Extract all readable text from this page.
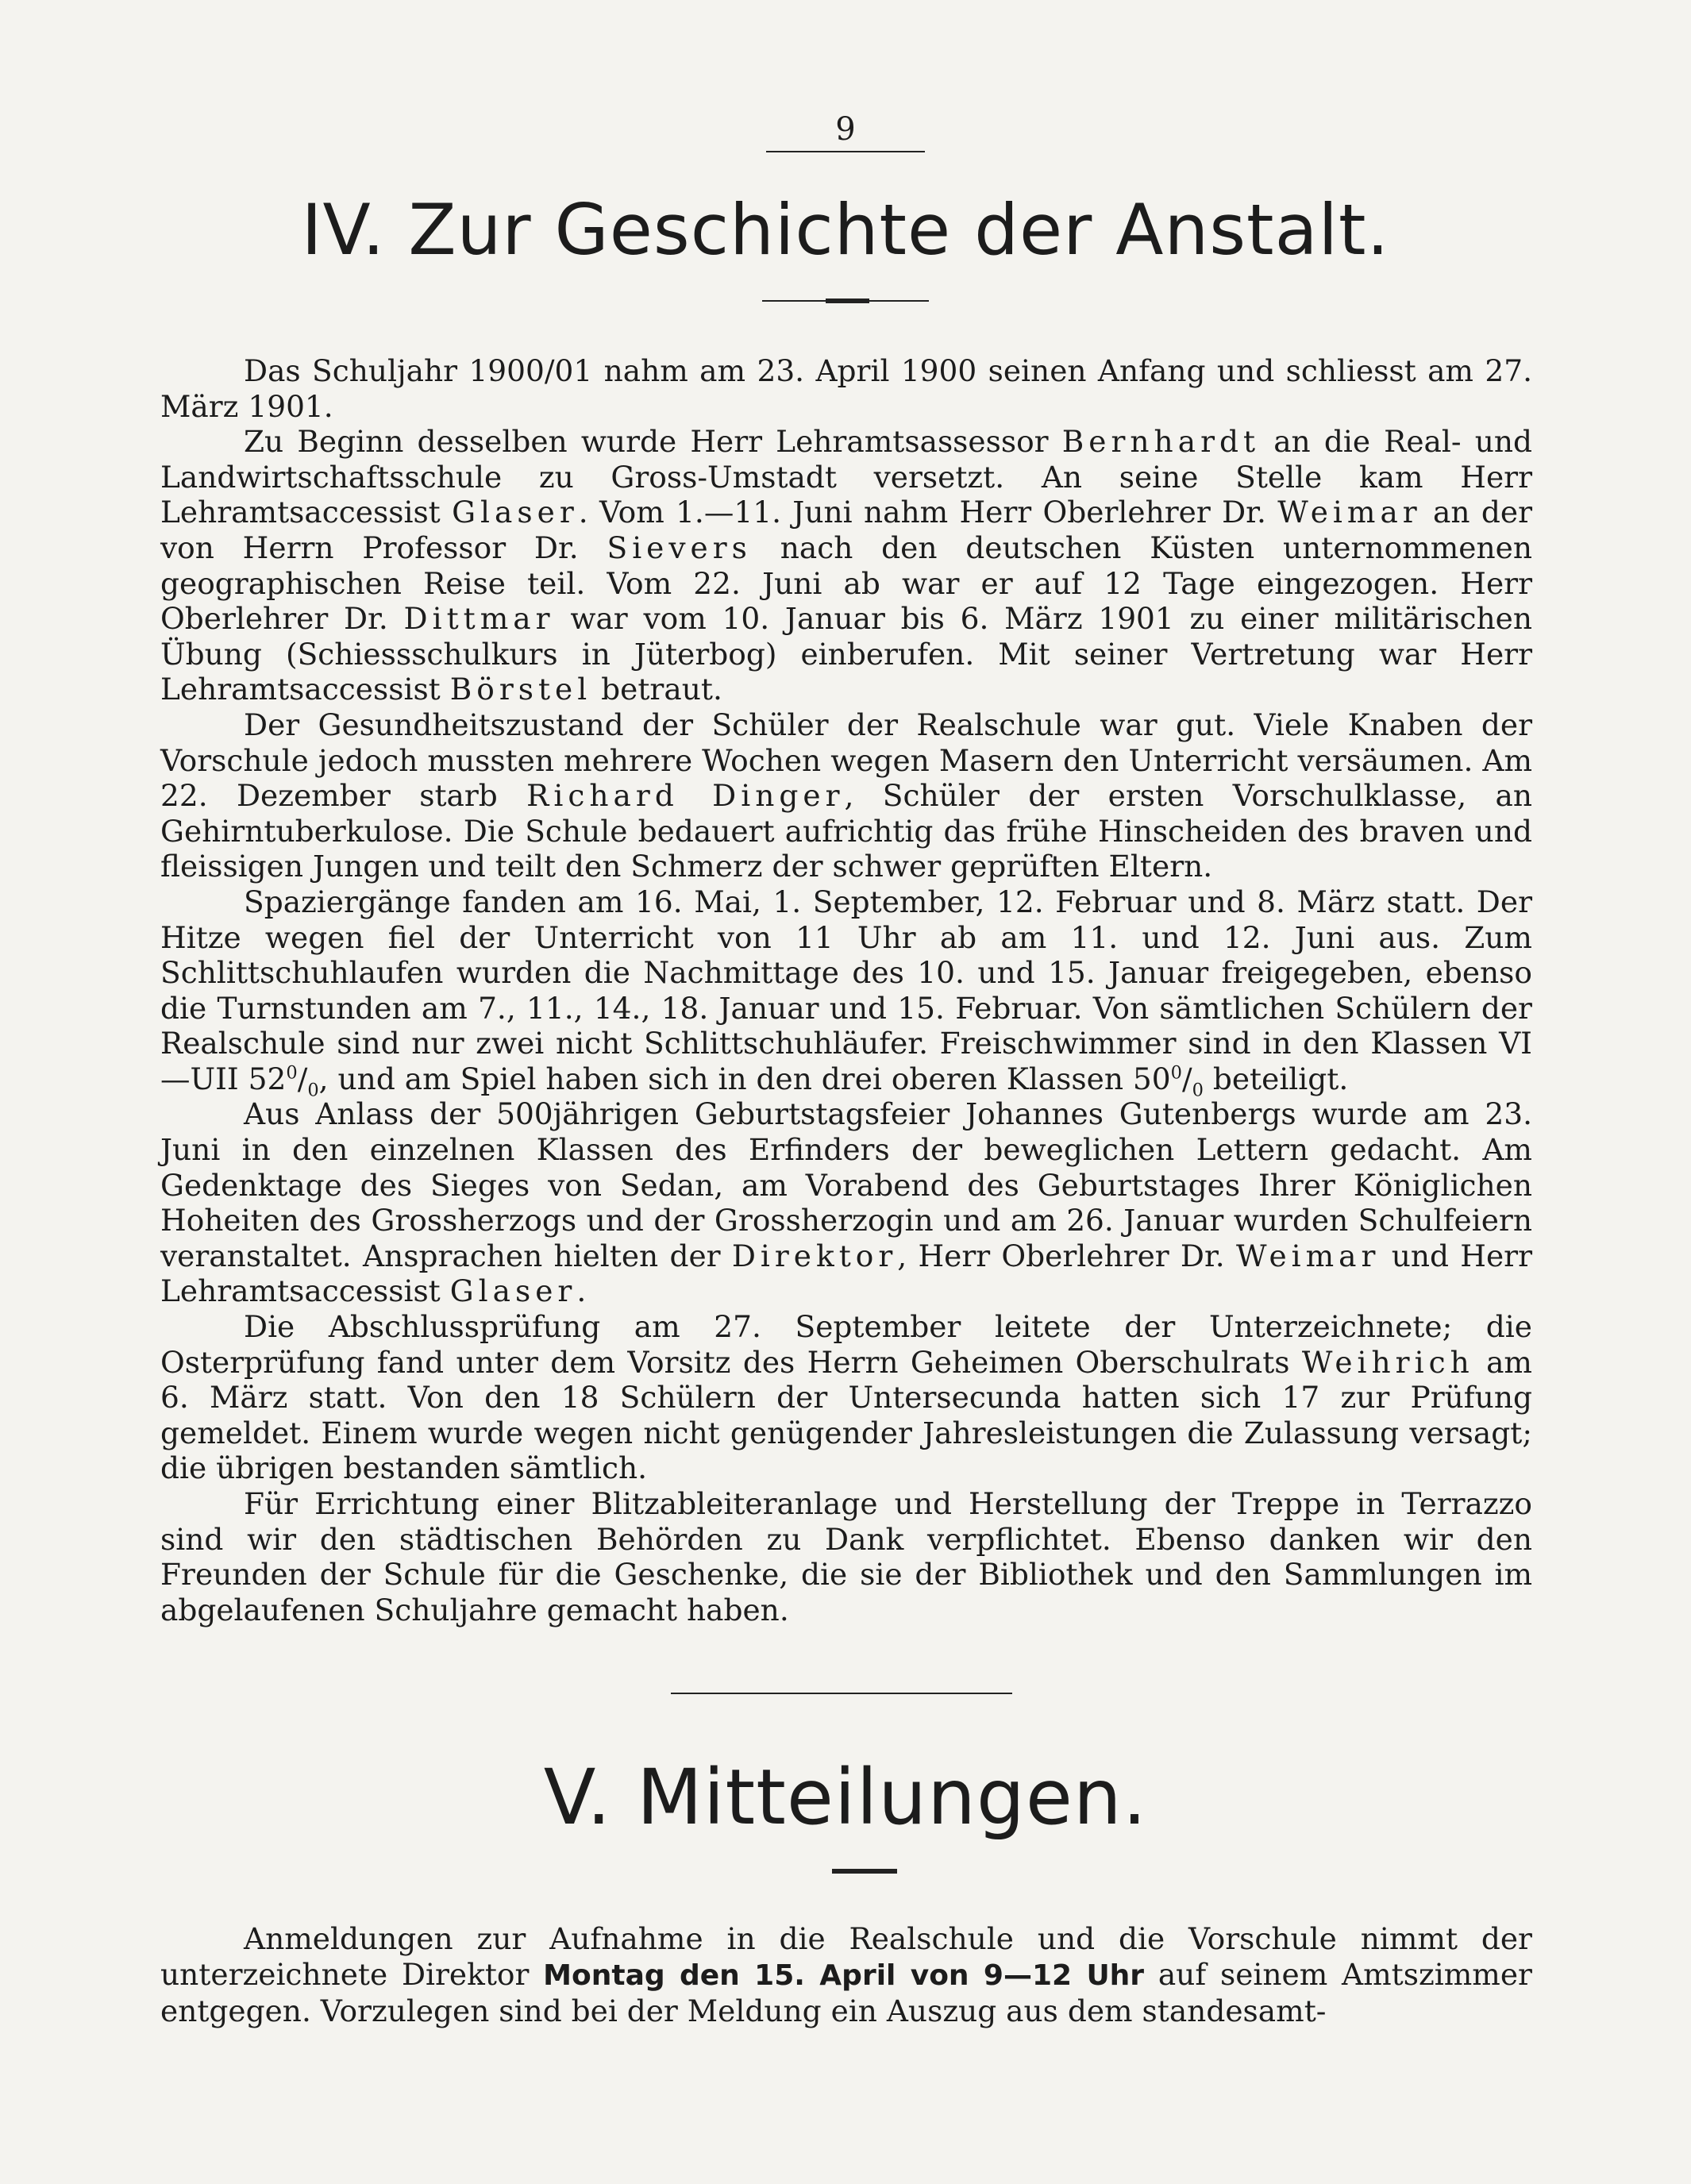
9
IV. Zur Geschichte der Anstalt.

Das Schuljahr 1900/01 nahm am 23. April 1900 seinen Anfang und schliesst am 27. März 1901.

Zu Beginn desselben wurde Herr Lehramtsassessor Bernhardt an die Real- und Landwirtschaftsschule zu Gross-Umstadt versetzt. An seine Stelle kam Herr Lehramtsaccessist Glaser. Vom 1.—11. Juni nahm Herr Oberlehrer Dr. Weimar an der von Herrn Professor Dr. Sievers nach den deutschen Küsten unternommenen geographischen Reise teil. Vom 22. Juni ab war er auf 12 Tage eingezogen. Herr Oberlehrer Dr. Dittmar war vom 10. Januar bis 6. März 1901 zu einer militärischen Übung (Schiessschulkurs in Jüterbog) einberufen. Mit seiner Vertretung war Herr Lehramtsaccessist Börstel betraut.

Der Gesundheitszustand der Schüler der Realschule war gut. Viele Knaben der Vorschule jedoch mussten mehrere Wochen wegen Masern den Unterricht versäumen. Am 22. Dezember starb Richard Dinger, Schüler der ersten Vorschulklasse, an Gehirntuberkulose. Die Schule bedauert aufrichtig das frühe Hinscheiden des braven und fleissigen Jungen und teilt den Schmerz der schwer geprüften Eltern.

Spaziergänge fanden am 16. Mai, 1. September, 12. Februar und 8. März statt. Der Hitze wegen fiel der Unterricht von 11 Uhr ab am 11. und 12. Juni aus. Zum Schlittschuhlaufen wurden die Nachmittage des 10. und 15. Januar freigegeben, ebenso die Turnstunden am 7., 11., 14., 18. Januar und 15. Februar. Von sämtlichen Schülern der Realschule sind nur zwei nicht Schlittschuhläufer. Freischwimmer sind in den Klassen VI—UII $52^0/_0$, und am Spiel haben sich in den drei oberen Klassen $50^0/_0$ beteiligt.

Aus Anlass der 500jährigen Geburtstagsfeier Johannes Gutenbergs wurde am 23. Juni in den einzelnen Klassen des Erfinders der beweglichen Lettern gedacht. Am Gedenktage des Sieges von Sedan, am Vorabend des Geburtstages Ihrer Königlichen Hoheiten des Grossherzogs und der Grossherzogin und am 26. Januar wurden Schulfeiern veranstaltet. Ansprachen hielten der Direktor, Herr Oberlehrer Dr. Weimar und Herr Lehramtsaccessist Glaser.

Die Abschlussprüfung am 27. September leitete der Unterzeichnete; die Osterprüfung fand unter dem Vorsitz des Herrn Geheimen Oberschulrats Weihrich am 6. März statt. Von den 18 Schülern der Untersecunda hatten sich 17 zur Prüfung gemeldet. Einem wurde wegen nicht genügender Jahresleistungen die Zulassung versagt; die übrigen bestanden sämtlich.

Für Errichtung einer Blitzableiteranlage und Herstellung der Treppe in Terrazzo sind wir den städtischen Behörden zu Dank verpflichtet. Ebenso danken wir den Freunden der Schule für die Geschenke, die sie der Bibliothek und den Sammlungen im abgelaufenen Schuljahre gemacht haben.

V. Mitteilungen.

Anmeldungen zur Aufnahme in die Realschule und die Vorschule nimmt der unterzeichnete Direktor Montag den 15. April von 9—12 Uhr auf seinem Amtszimmer entgegen. Vorzulegen sind bei der Meldung ein Auszug aus dem standesamt-
